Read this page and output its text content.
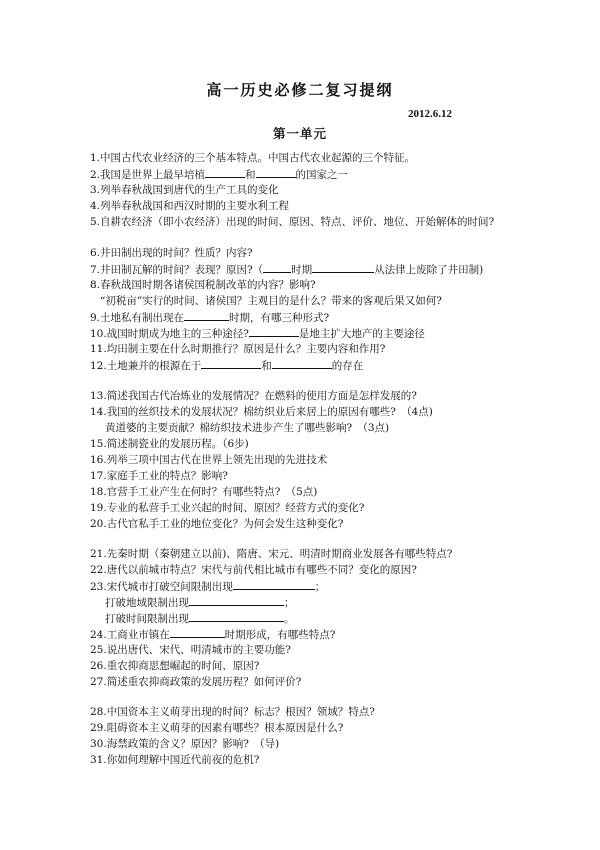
高一历史必修二复习提纲
2012.6.12
第一单元
1.中国古代农业经济的三个基本特点。中国古代农业起源的三个特征。
2.我国是世界上最早培植	和	的国家之一
3.列举春秋战国到唐代的生产工具的变化
4.列举春秋战国和西汉时期的主要水利工程
5.自耕农经济（即小农经济）出现的时间、原因、特点、评价、地位、开始解体的时间?
6.井田制出现的时间？性质？内容?
7.井田制瓦解的时间？表现？原因?（	时期	从法律上废除了井田制)
8.春秋战国时期各诸侯国税制改革的内容？影响?
“初税亩”实行的时间、诸侯国？主观目的是什么？带来的客观后果又如何?
9.土地私有制出现在	时期，有哪三种形式?
10.战国时期成为地主的三种途径?	是地主扩大地产的主要途径
11.均田制主要在什么时期推行？原因是什么？主要内容和作用?
12.土地兼并的根源在于	和	的存在
13.简述我国古代冶炼业的发展情况？在燃料的使用方面是怎样发展的?
14.我国的丝织技术的发展状况？棉纺织业后来居上的原因有哪些?　（4点)
黄道婆的主要贡献？棉纺织技术进步产生了哪些影响?　（3点)
15.简述制瓷业的发展历程。（6步)
16.列举三项中国古代在世界上领先出现的先进技术
17.家庭手工业的特点？影响?
18.官营手工业产生在何时？有哪些特点?　（5点)
19.专业的私营手工业兴起的时间、原因？经营方式的变化?
20.古代官私手工业的地位变化？为何会发生这种变化?
21.先秦时期（秦朝建立以前)、隋唐、宋元、明清时期商业发展各有哪些特点?
22.唐代以前城市特点？宋代与前代相比城市有哪些不同？变化的原因?
23.宋代城市打破空间限制出现	；
打破地域限制出现	；
打破时间限制出现	。
24.工商业市镇在	时期形成，有哪些特点?
25.说出唐代、宋代、明清城市的主要功能?
26.重农抑商思想崛起的时间、原因?
27.简述重农抑商政策的发展历程？如何评价?
28.中国资本主义萌芽出现的时间？标志？根因？领域？特点?
29.阻碍资本主义萌芽的因素有哪些？根本原因是什么?
30.海禁政策的含义？原因？影响?　（导)
31.你如何理解中国近代前夜的危机?
